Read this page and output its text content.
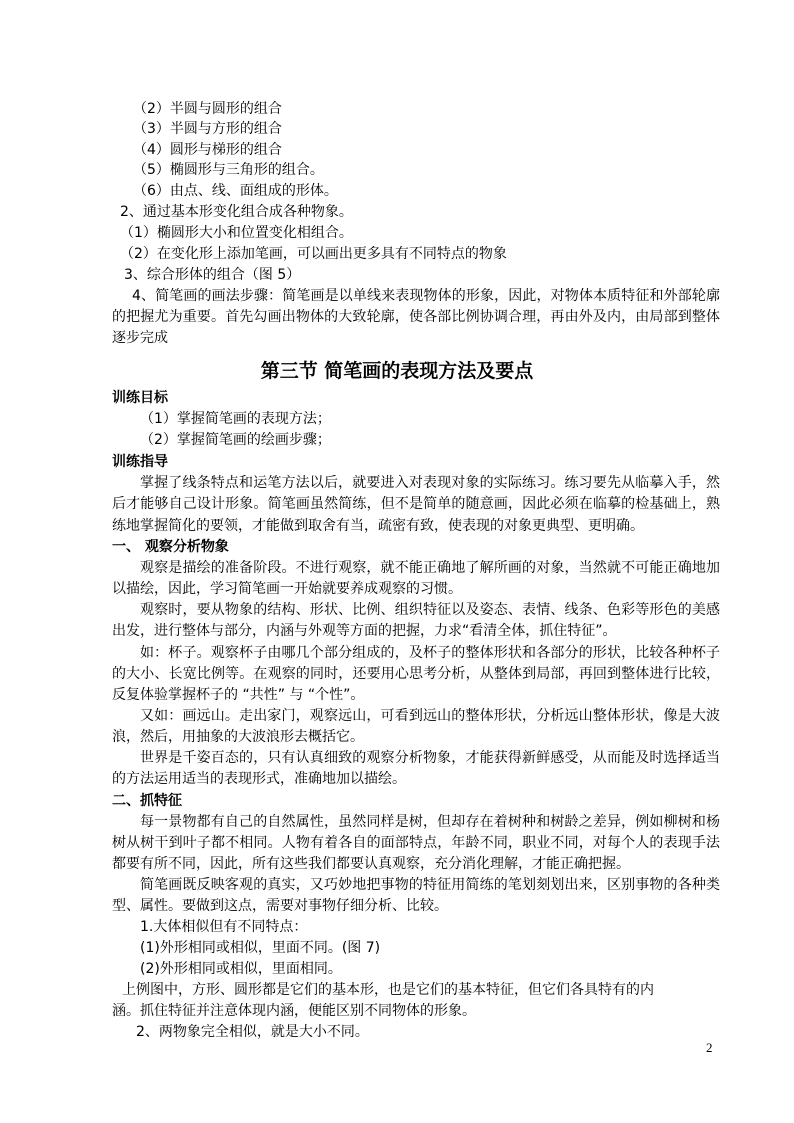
（2）半圆与圆形的组合
（3）半圆与方形的组合
（4）圆形与梯形的组合
（5）椭圆形与三角形的组合。
（6）由点、线、面组成的形体。
2、通过基本形变化组合成各种物象。
（1）椭圆形大小和位置变化相组合。
（2）在变化形上添加笔画，可以画出更多具有不同特点的物象
3、综合形体的组合（图 5）
4、简笔画的画法步骤：简笔画是以单线来表现物体的形象，因此，对物体本质特征和外部轮廓
的把握尤为重要。首先勾画出物体的大致轮廓，使各部比例协调合理，再由外及内，由局部到整体
逐步完成
第三节 简笔画的表现方法及要点
训练目标
（1）掌握简笔画的表现方法；
（2）掌握简笔画的绘画步骤；
训练指导
掌握了线条特点和运笔方法以后，就要进入对表现对象的实际练习。练习要先从临摹入手，然
后才能够自己设计形象。简笔画虽然简练，但不是简单的随意画，因此必须在临摹的检基础上，熟
练地掌握简化的要领，才能做到取舍有当，疏密有致，使表现的对象更典型、更明确。
一、 观察分析物象
观察是描绘的准备阶段。不进行观察，就不能正确地了解所画的对象，当然就不可能正确地加
以描绘，因此，学习简笔画一开始就要养成观察的习惯。
观察时，要从物象的结构、形状、比例、组织特征以及姿态、表情、线条、色彩等形色的美感
出发，进行整体与部分，内涵与外观等方面的把握，力求“看清全体，抓住特征”。
如：杯子。观察杯子由哪几个部分组成的，及杯子的整体形状和各部分的形状，比较各种杯子
的大小、长宽比例等。在观察的同时，还要用心思考分析，从整体到局部，再回到整体进行比较，
反复体验掌握杯子的 “共性” 与 “个性”。
又如：画远山。走出家门，观察远山，可看到远山的整体形状，分析远山整体形状，像是大波
浪，然后，用抽象的大波浪形去概括它。
世界是千姿百态的，只有认真细致的观察分析物象，才能获得新鲜感受，从而能及时选择适当
的方法运用适当的表现形式，准确地加以描绘。
二、抓特征
每一景物都有自己的自然属性，虽然同样是树，但却存在着树种和树龄之差异，例如柳树和杨
树从树干到叶子都不相同。人物有着各自的面部特点，年龄不同，职业不同，对每个人的表现手法
都要有所不同，因此，所有这些我们都要认真观察，充分消化理解，才能正确把握。
简笔画既反映客观的真实，又巧妙地把事物的特征用简练的笔划刻划出来，区别事物的各种类
型、属性。要做到这点，需要对事物仔细分析、比较。
1.大体相似但有不同特点：
(1)外形相同或相似，里面不同。(图 7)
(2)外形相同或相似，里面相同。
上例图中，方形、圆形都是它们的基本形，也是它们的基本特征，但它们各具特有的内
涵。抓住特征并注意体现内涵，便能区别不同物体的形象。
2、两物象完全相似，就是大小不同。
2
